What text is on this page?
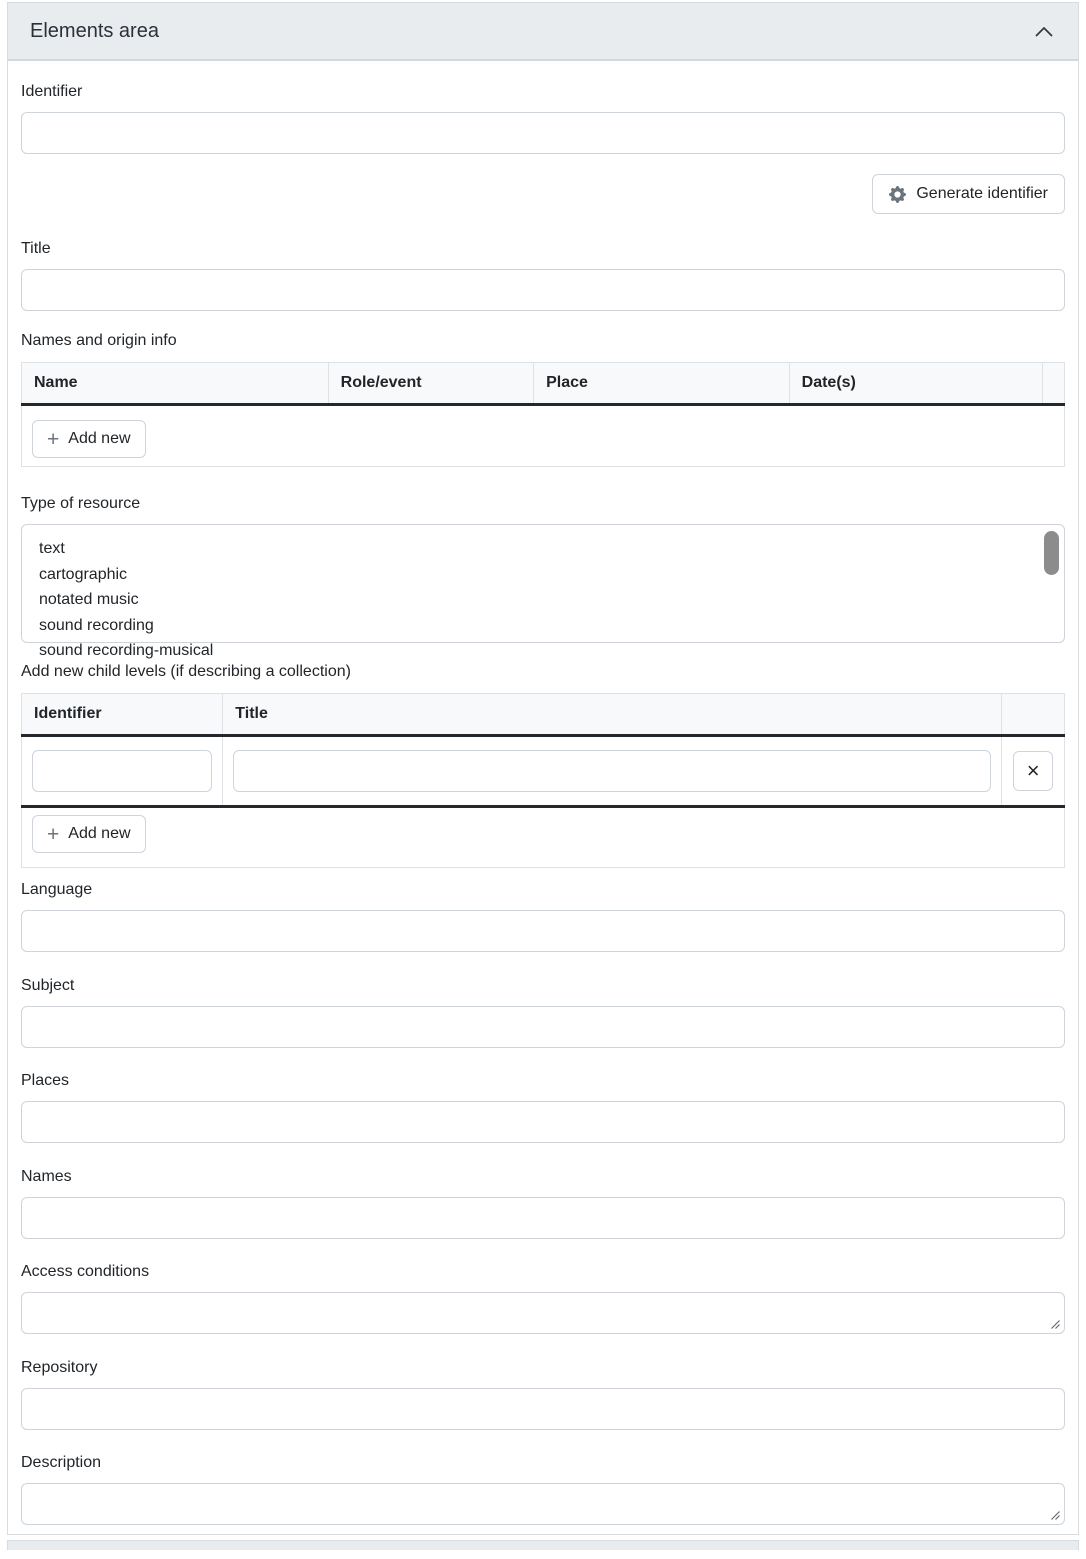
Elements area
Identifier
Generate identifier
Title
Names and origin info
Name	Role/event	Place	Date(s)	

+ Add new
Type of resource
text
cartographic
notated music
sound recording
sound recording-musical
Add new child levels (if describing a collection)
Identifier	Title	

×

+ Add new		
Language
Subject
Places
Names
Access conditions
Repository
Description
